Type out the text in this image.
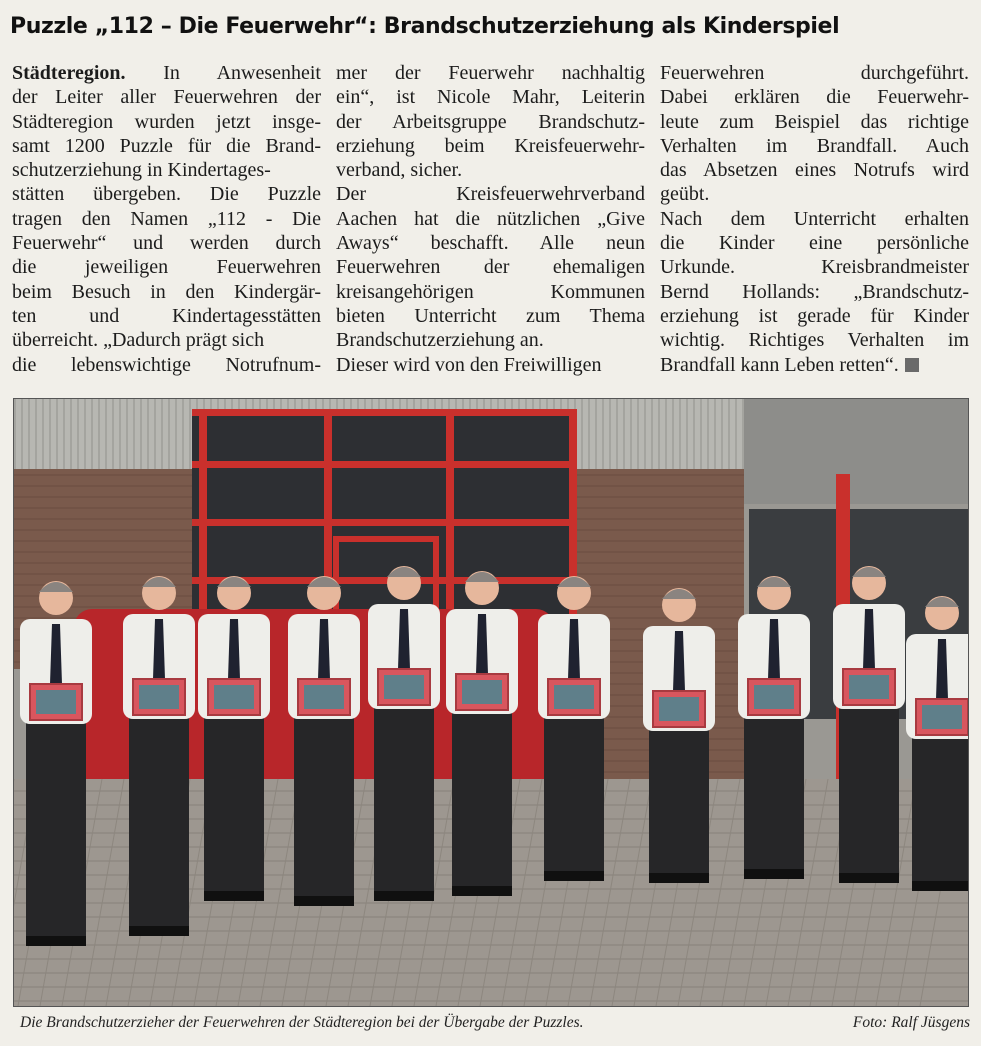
Puzzle „112 – Die Feuerwehr“: Brandschutzerziehung als Kinderspiel
Städteregion. In Anwesenheit
der Leiter aller Feuerwehren der
Städteregion wurden jetzt insge-
samt 1200 Puzzle für die Brand-
schutzerziehung in Kindertages-
stätten übergeben. Die Puzzle
tragen den Namen „112 - Die
Feuerwehr“ und werden durch
die jeweiligen Feuerwehren
beim Besuch in den Kindergär-
ten und Kindertagesstätten
überreicht. „Dadurch prägt sich
die lebenswichtige Notrufnum-
mer der Feuerwehr nachhaltig
ein“, ist Nicole Mahr, Leiterin
der Arbeitsgruppe Brandschutz-
erziehung beim Kreisfeuerwehr-
verband, sicher.
Der Kreisfeuerwehrverband
Aachen hat die nützlichen „Give
Aways“ beschafft. Alle neun
Feuerwehren der ehemaligen
kreisangehörigen Kommunen
bieten Unterricht zum Thema
Brandschutzerziehung an.
Dieser wird von den Freiwilligen
Feuerwehren durchgeführt.
Dabei erklären die Feuerwehr-
leute zum Beispiel das richtige
Verhalten im Brandfall. Auch
das Absetzen eines Notrufs wird
geübt.
Nach dem Unterricht erhalten
die Kinder eine persönliche
Urkunde. Kreisbrandmeister
Bernd Hollands: „Brandschutz-
erziehung ist gerade für Kinder
wichtig. Richtiges Verhalten im
Brandfall kann Leben retten“.
Die Brandschutzerzieher der Feuerwehren der Städteregion bei der Übergabe der Puzzles.	Foto: Ralf Jüsgens
